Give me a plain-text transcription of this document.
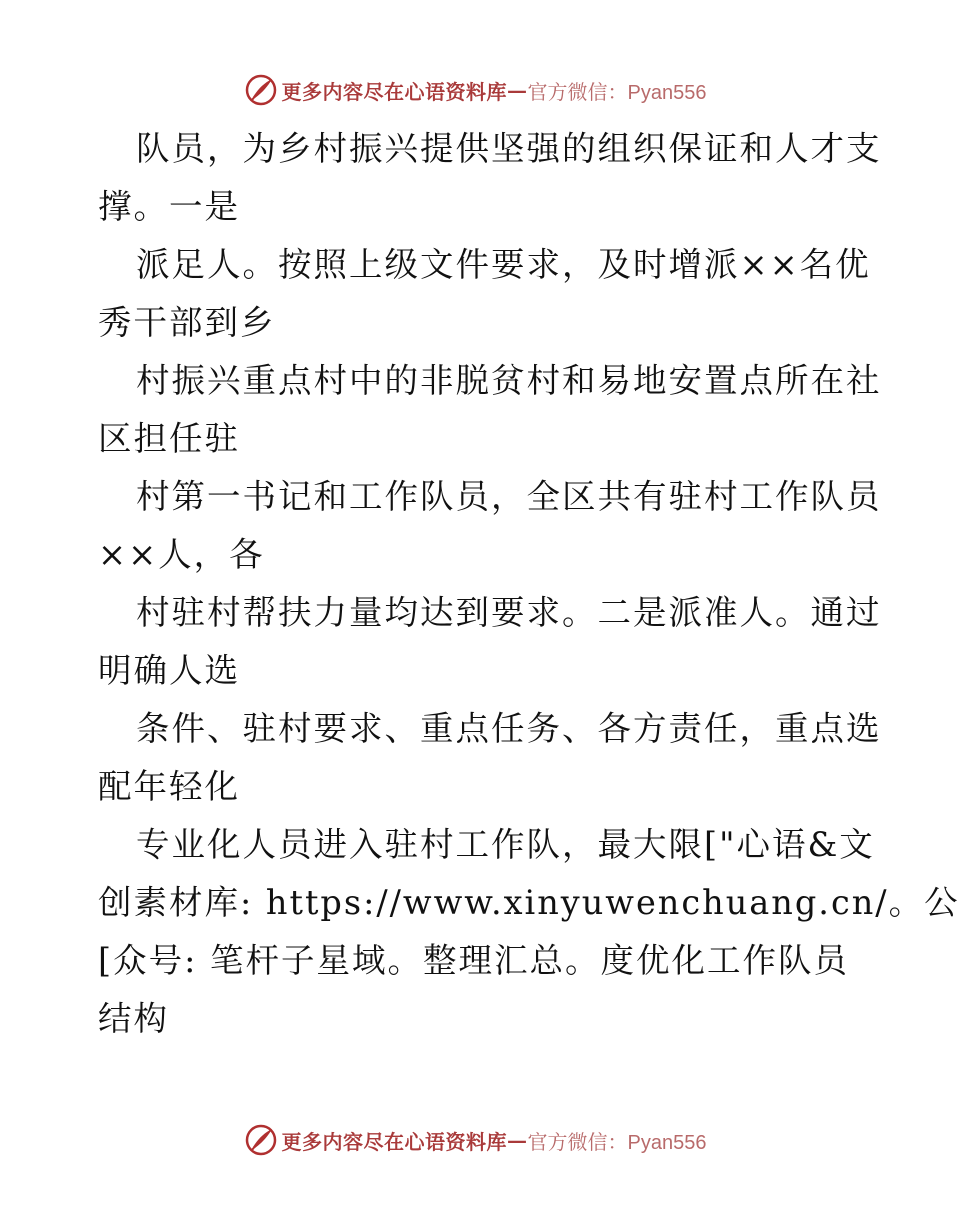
更多内容尽在心语资料库 — 官方微信：Pyan556
队员，为乡村振兴提供坚强的组织保证和人才支
撑。一是
派足人。按照上级文件要求，及时增派××名优
秀干部到乡
村振兴重点村中的非脱贫村和易地安置点所在社
区担任驻
村第一书记和工作队员，全区共有驻村工作队员
××人，各
村驻村帮扶力量均达到要求。二是派准人。通过
明确人选
条件、驻村要求、重点任务、各方责任，重点选
配年轻化
专业化人员进入驻村工作队，最大限["心语&文
创素材库: https://www.xinyuwenchuang.cn/。公
[众号: 笔杆子星域。整理汇总。度优化工作队员
结构
更多内容尽在心语资料库 — 官方微信：Pyan556
